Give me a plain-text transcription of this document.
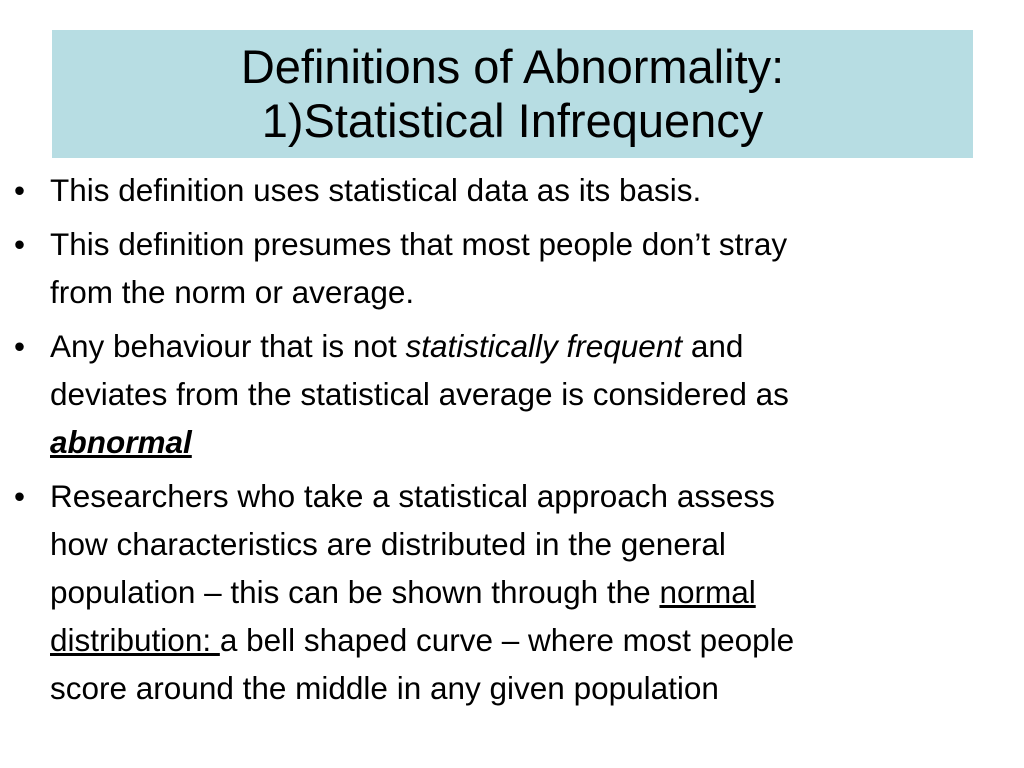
Definitions of Abnormality:
1)Statistical Infrequency
• This definition uses statistical data as its basis.
• This definition presumes that most people don’t stray
from the norm or average.
• Any behaviour that is not statistically frequent and
deviates from the statistical average is considered as
abnormal
• Researchers who take a statistical approach assess
how characteristics are distributed in the general
population – this can be shown through the normal
distribution: a bell shaped curve – where most people
score around the middle in any given population
